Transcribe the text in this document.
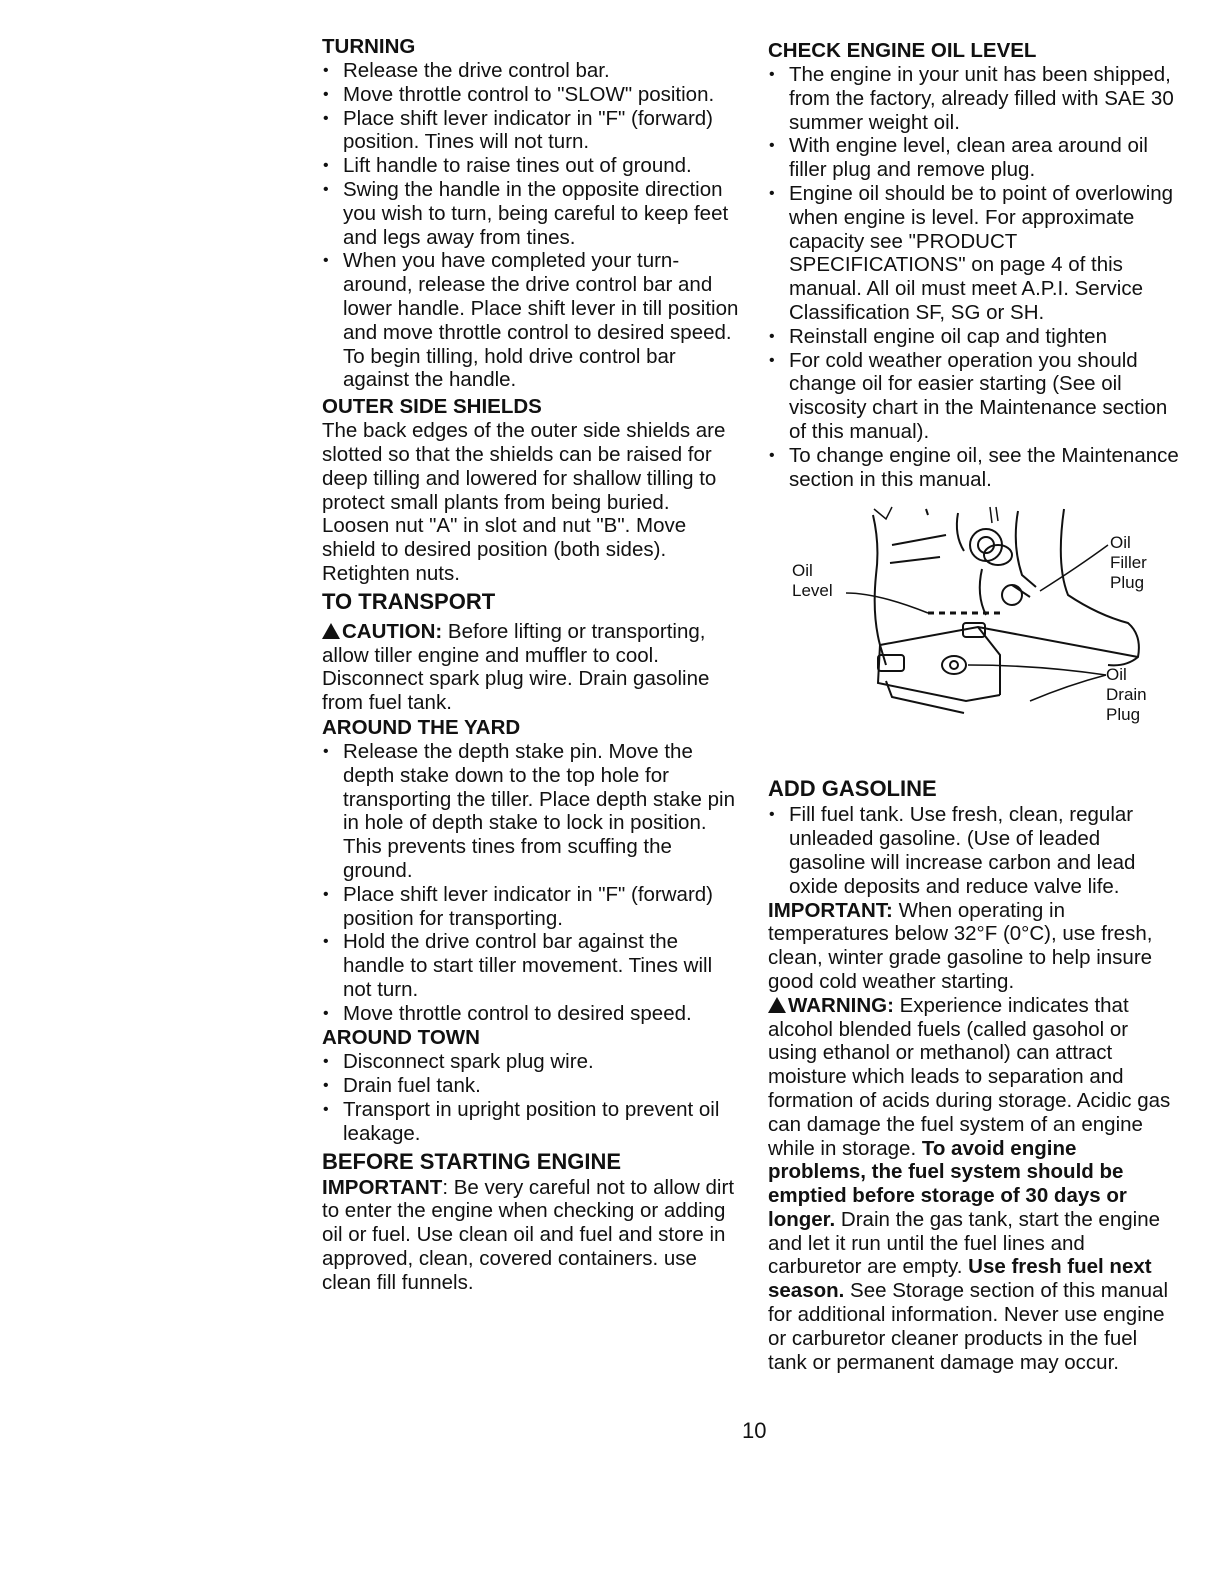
TURNING
• Release the drive control bar.
• Move throttle control to "SLOW" position.
• Place shift lever indicator in "F" (forward) position. Tines will not turn.
• Lift handle to raise tines out of ground.
• Swing the handle in the opposite direction you wish to turn, being careful to keep feet and legs away from tines.
• When you have completed your turn-around, release the drive control bar and lower handle. Place shift lever in till position and move throttle control to desired speed. To begin tilling, hold drive control bar against the handle.
OUTER SIDE SHIELDS

The back edges of the outer side shields are slotted so that the shields can be raised for deep tilling and lowered for shallow tilling to protect small plants from being buried. Loosen nut "A" in slot and nut "B". Move shield to desired position (both sides). Retighten nuts.

TO TRANSPORT

CAUTION: Before lifting or transporting, allow tiller engine and muffler to cool. Disconnect spark plug wire. Drain gasoline from fuel tank.

AROUND THE YARD
• Release the depth stake pin. Move the depth stake down to the top hole for transporting the tiller. Place depth stake pin in hole of depth stake to lock in position. This prevents tines from scuffing the ground.
• Place shift lever indicator in "F" (forward) position for transporting.
• Hold the drive control bar against the handle to start tiller movement. Tines will not turn.
• Move throttle control to desired speed.
AROUND TOWN
• Disconnect spark plug wire.
• Drain fuel tank.
• Transport in upright position to prevent oil leakage.
BEFORE STARTING ENGINE

IMPORTANT: Be very careful not to allow dirt to enter the engine when checking or adding oil or fuel. Use clean oil and fuel and store in approved, clean, covered containers. use clean fill funnels.

CHECK ENGINE OIL LEVEL
• The engine in your unit has been shipped, from the factory, already filled with SAE 30 summer weight oil.
• With engine level, clean area around oil filler plug and remove plug.
• Engine oil should be to point of overlowing when engine is level. For approximate capacity see "PRODUCT SPECIFICATIONS" on page 4 of this manual. All oil must meet A.P.I. Service Classification SF, SG or SH.
• Reinstall engine oil cap and tighten
• For cold weather operation you should change oil for easier starting (See oil viscosity chart in the Maintenance section of this manual).
• To change engine oil, see the Maintenance section in this manual.
Oil
Level
Oil
Filler
Plug
Oil
Drain
Plug
ADD GASOLINE
• Fill fuel tank. Use fresh, clean, regular unleaded gasoline. (Use of leaded gasoline will increase carbon and lead oxide deposits and reduce valve life.

IMPORTANT: When operating in temperatures below 32°F (0°C), use fresh, clean, winter grade gasoline to help insure good cold weather starting.

WARNING: Experience indicates that alcohol blended fuels (called gasohol or using ethanol or methanol) can attract moisture which leads to separation and formation of acids during storage. Acidic gas can damage the fuel system of an engine while in storage. To avoid engine problems, the fuel system should be emptied before storage of 30 days or longer. Drain the gas tank, start the engine and let it run until the fuel lines and carburetor are empty. Use fresh fuel next season. See Storage section of this manual for additional information. Never use engine or carburetor cleaner products in the fuel tank or permanent damage may occur.

10
